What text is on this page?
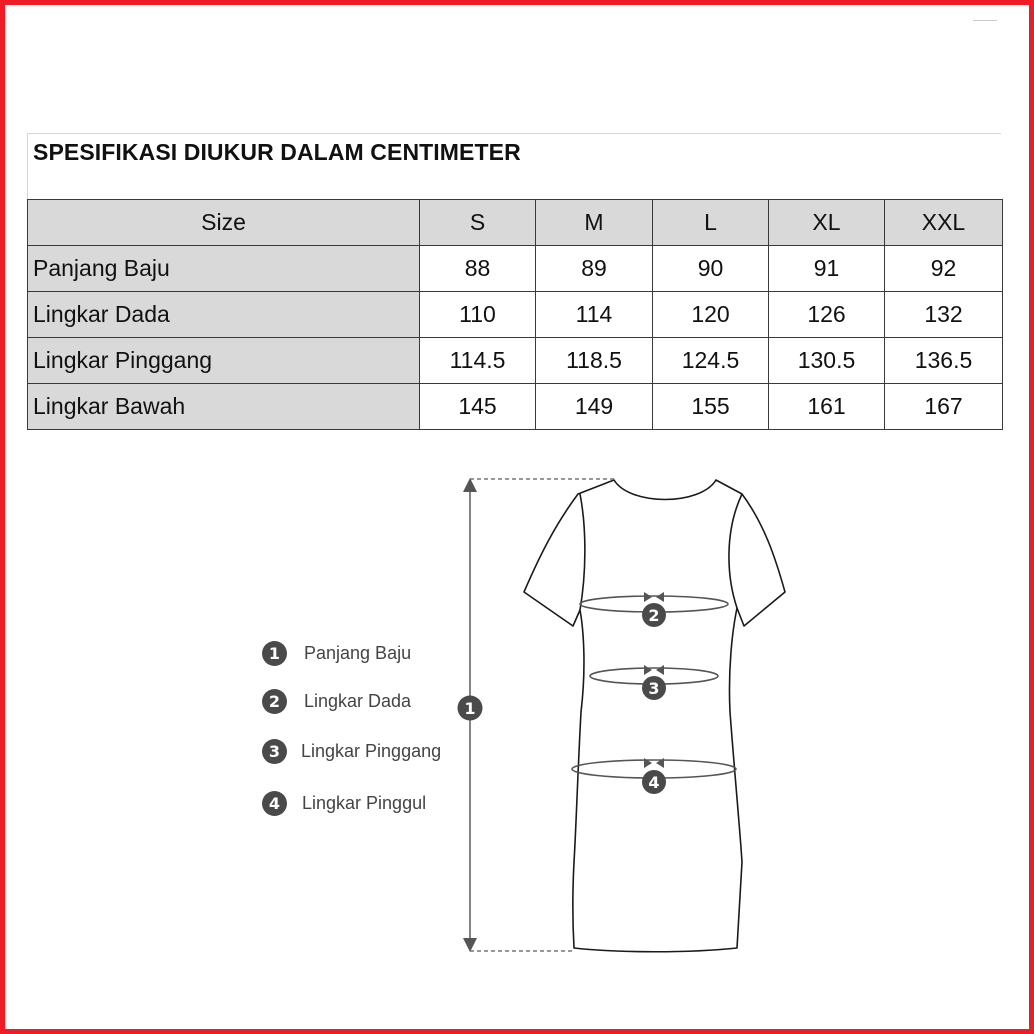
SPESIFIKASI DIUKUR DALAM CENTIMETER
Size	S	M	L	XL	XXL
Panjang Baju	88	89	90	91	92
Lingkar Dada	110	114	120	126	132
Lingkar Pinggang	114.5	118.5	124.5	130.5	136.5
Lingkar Bawah	145	149	155	161	167
1	Panjang Baju
2	Lingkar Dada
3	Lingkar Pinggang
4	Lingkar Pinggul
1
2
3
4
